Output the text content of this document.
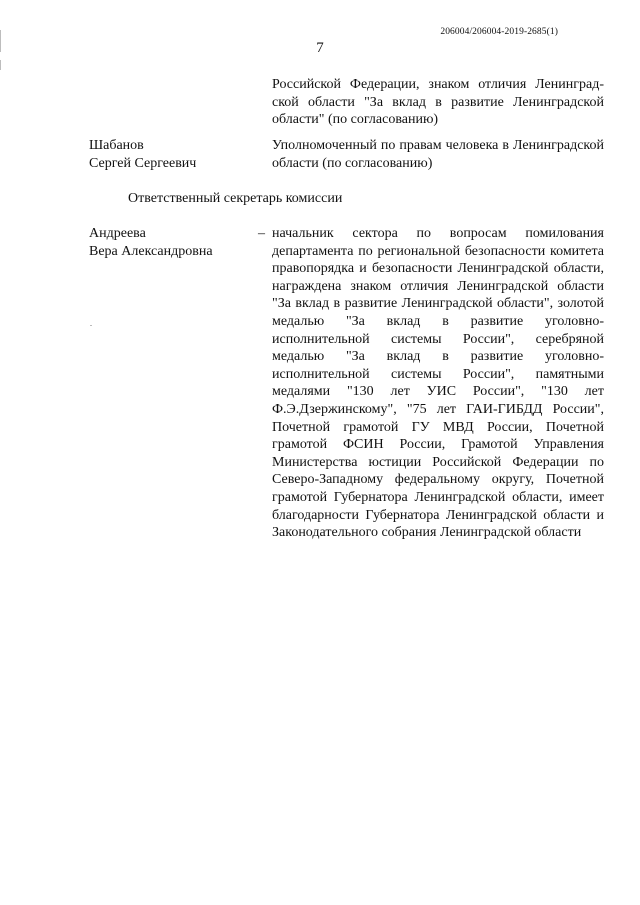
206004/206004-2019-2685(1)
7
Российской Федерации, знаком отличия Ленинград-ской области "За вклад в развитие Ленинградской области" (по согласованию)
Шабанов
Сергей Сергеевич
Уполномоченный по правам человека в Ленинградской области (по согласованию)
Ответственный секретарь комиссии
Андреева
Вера Александровна
– начальник сектора по вопросам помилования департамента по региональной безопасности комитета правопорядка и безопасности Ленинградской области, награждена знаком отличия Ленинградской области "За вклад в развитие Ленинградской области", золотой медалью "За вклад в развитие уголовно-исполнительной системы России", серебряной медалью "За вклад в развитие уголовно-исполнительной системы России", памятными медалями "130 лет УИС России", "130 лет Ф.Э.Дзержинскому", "75 лет ГАИ-ГИБДД России", Почетной грамотой ГУ МВД России, Почетной грамотой ФСИН России, Грамотой Управления Министерства юстиции Российской Федерации по Северо-Западному федеральному округу, Почетной грамотой Губернатора Ленинградской области, имеет благодарности Губернатора Ленинградской области и Законодательного собрания Ленинградской области
